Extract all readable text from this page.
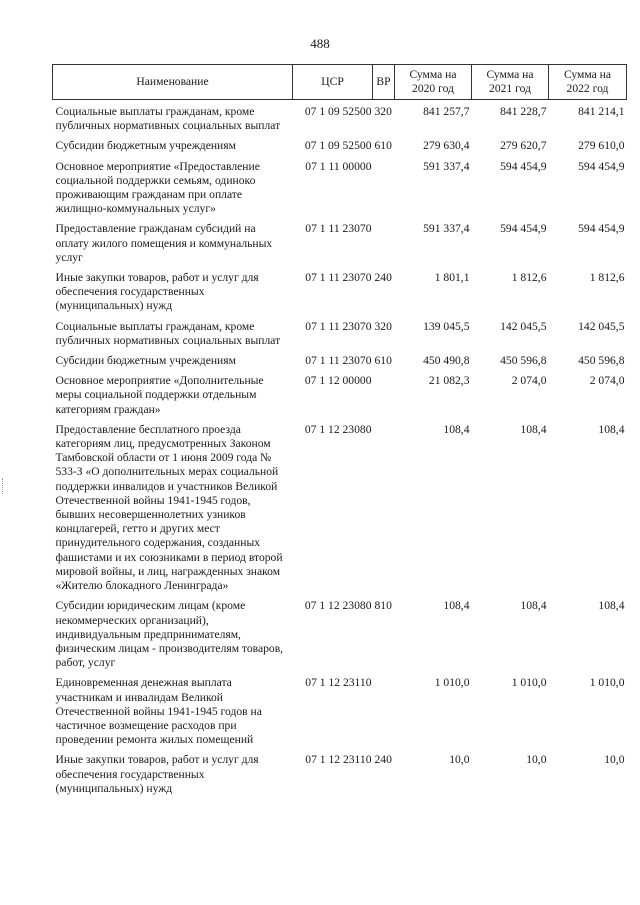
488
Наименование	ЦСР	ВР	Сумма на 2020 год	Сумма на 2021 год	Сумма на 2022 год
Социальные выплаты гражданам, кроме публичных нормативных социальных выплат	07 1 09 52500	320	841 257,7	841 228,7	841 214,1
Субсидии бюджетным учреждениям	07 1 09 52500	610	279 630,4	279 620,7	279 610,0
Основное мероприятие «Предоставление социальной поддержки семьям, одиноко проживающим гражданам при оплате жилищно-коммунальных услуг»	07 1 11 00000		591 337,4	594 454,9	594 454,9
Предоставление гражданам субсидий на оплату жилого помещения и коммунальных услуг	07 1 11 23070		591 337,4	594 454,9	594 454,9
Иные закупки товаров, работ и услуг для обеспечения государственных (муниципальных) нужд	07 1 11 23070	240	1 801,1	1 812,6	1 812,6
Социальные выплаты гражданам, кроме публичных нормативных социальных выплат	07 1 11 23070	320	139 045,5	142 045,5	142 045,5
Субсидии бюджетным учреждениям	07 1 11 23070	610	450 490,8	450 596,8	450 596,8
Основное мероприятие «Дополнительные меры социальной поддержки отдельным категориям граждан»	07 1 12 00000		21 082,3	2 074,0	2 074,0
Предоставление бесплатного проезда категориям лиц, предусмотренных Законом Тамбовской области от 1 июня 2009 года № 533-З «О дополнительных мерах социальной поддержки инвалидов и участников Великой Отечественной войны 1941-1945 годов, бывших несовершеннолетних узников концлагерей, гетто и других мест принудительного содержания, созданных фашистами и их союзниками в период второй мировой войны, и лиц, награжденных знаком «Жителю блокадного Ленинграда»	07 1 12 23080		108,4	108,4	108,4
Субсидии юридическим лицам (кроме некоммерческих организаций), индивидуальным предпринимателям, физическим лицам - производителям товаров, работ, услуг	07 1 12 23080	810	108,4	108,4	108,4
Единовременная денежная выплата участникам и инвалидам Великой Отечественной войны 1941-1945 годов на частичное возмещение расходов при проведении ремонта жилых помещений	07 1 12 23110		1 010,0	1 010,0	1 010,0
Иные закупки товаров, работ и услуг для обеспечения государственных (муниципальных) нужд	07 1 12 23110	240	10,0	10,0	10,0
